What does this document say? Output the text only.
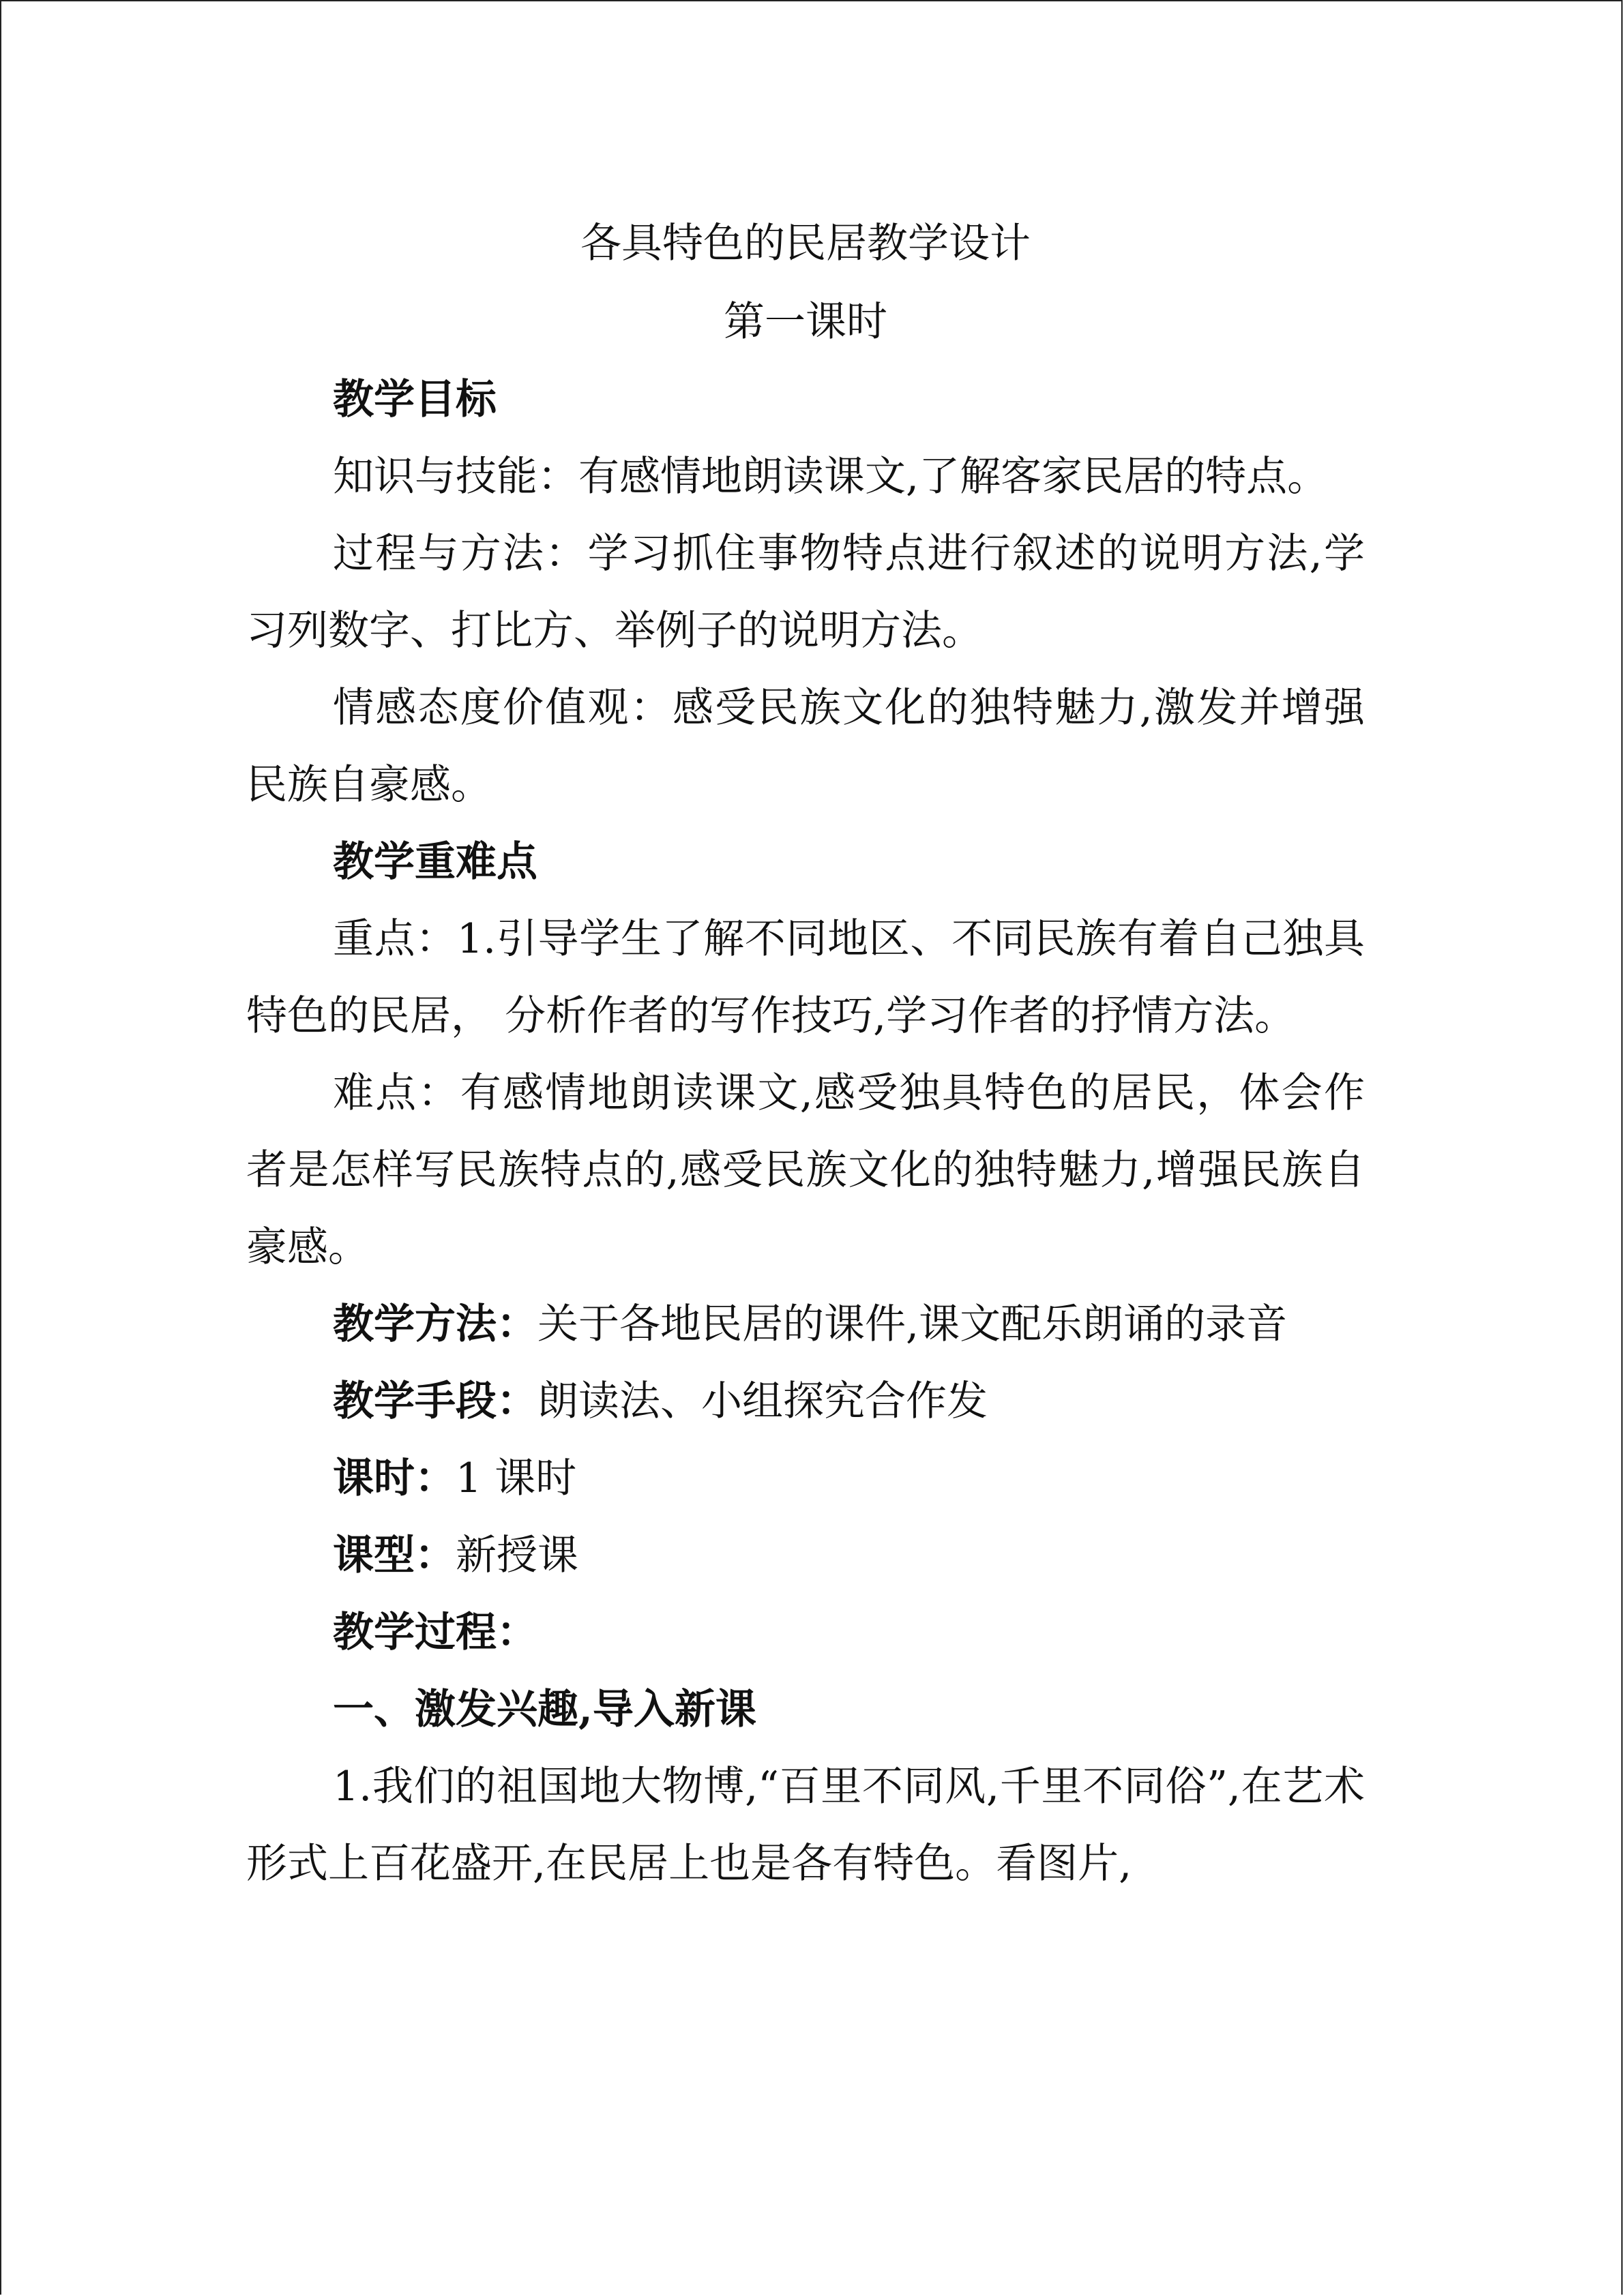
各具特色的民居教学设计

第一课时

教学目标

知识与技能：有感情地朗读课文,了解客家民居的特点。

过程与方法：学习抓住事物特点进行叙述的说明方法,学习列数字、打比方、举例子的说明方法。

情感态度价值观：感受民族文化的独特魅力,激发并增强民族自豪感。

教学重难点

重点：1.引导学生了解不同地区、不同民族有着自己独具特色的民居， 分析作者的写作技巧,学习作者的抒情方法。

难点：有感情地朗读课文,感受独具特色的居民，体会作者是怎样写民族特点的,感受民族文化的独特魅力,增强民族自豪感。

教学方法：关于各地民居的课件,课文配乐朗诵的录音

教学手段：朗读法、小组探究合作发

课时：1 课时

课型：新授课

教学过程：

一、激发兴趣,导入新课

1.我们的祖国地大物博,“百里不同风,千里不同俗”,在艺术形式上百花盛开,在民居上也是各有特色。看图片,
